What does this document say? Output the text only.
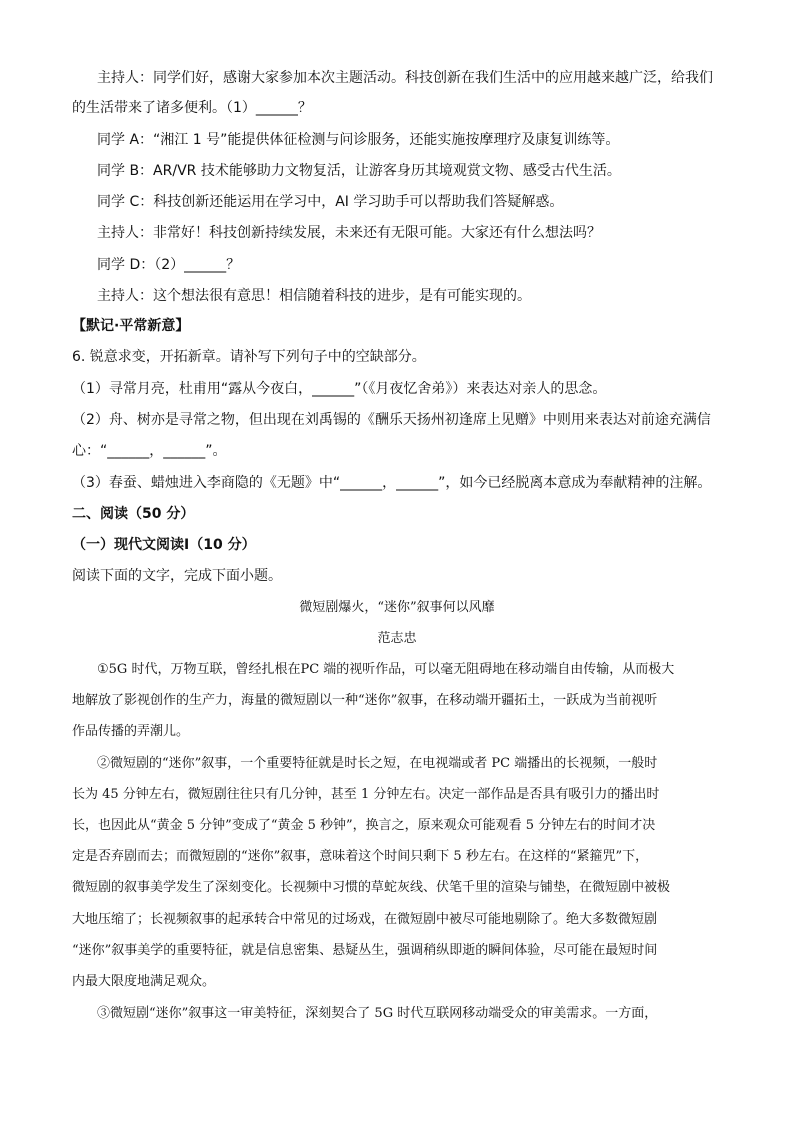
主持人：同学们好，感谢大家参加本次主题活动。科技创新在我们生活中的应用越来越广泛，给我们
的生活带来了诸多便利。（1）______？
同学 A：“湘江 1 号”能提供体征检测与问诊服务，还能实施按摩理疗及康复训练等。
同学 B：AR/VR 技术能够助力文物复活，让游客身历其境观赏文物、感受古代生活。
同学 C：科技创新还能运用在学习中，AI 学习助手可以帮助我们答疑解惑。
主持人：非常好！科技创新持续发展，未来还有无限可能。大家还有什么想法吗？
同学 D：（2）______？
主持人：这个想法很有意思！相信随着科技的进步，是有可能实现的。
【默记·平常新意】
6. 锐意求变，开拓新章。请补写下列句子中的空缺部分。
（1）寻常月亮，杜甫用“露从今夜白，______”（《月夜忆舍弟》）来表达对亲人的思念。
（2）舟、树亦是寻常之物，但出现在刘禹锡的《酬乐天扬州初逢席上见赠》中则用来表达对前途充满信
心：“______，______”。
（3）春蚕、蜡烛进入李商隐的《无题》中“______，______”，如今已经脱离本意成为奉献精神的注解。
二、阅读（50 分）
（一）现代文阅读Ⅰ（10 分）
阅读下面的文字，完成下面小题。
微短剧爆火，“迷你”叙事何以风靡
范志忠
①5G 时代，万物互联，曾经扎根在PC 端的视听作品，可以毫无阻碍地在移动端自由传输，从而极大
地解放了影视创作的生产力，海量的微短剧以一种“迷你”叙事，在移动端开疆拓土，一跃成为当前视听
作品传播的弄潮儿。
②微短剧的“迷你”叙事，一个重要特征就是时长之短，在电视端或者 PC 端播出的长视频，一般时
长为 45 分钟左右，微短剧往往只有几分钟，甚至 1 分钟左右。决定一部作品是否具有吸引力的播出时
长，也因此从“黄金 5 分钟”变成了“黄金 5 秒钟”，换言之，原来观众可能观看 5 分钟左右的时间才决
定是否弃剧而去；而微短剧的“迷你”叙事，意味着这个时间只剩下 5 秒左右。在这样的“紧箍咒”下，
微短剧的叙事美学发生了深刻变化。长视频中习惯的草蛇灰线、伏笔千里的渲染与铺垫，在微短剧中被极
大地压缩了；长视频叙事的起承转合中常见的过场戏，在微短剧中被尽可能地剔除了。绝大多数微短剧
“迷你”叙事美学的重要特征，就是信息密集、悬疑丛生，强调稍纵即逝的瞬间体验，尽可能在最短时间
内最大限度地满足观众。
③微短剧“迷你”叙事这一审美特征，深刻契合了 5G 时代互联网移动端受众的审美需求。一方面，
